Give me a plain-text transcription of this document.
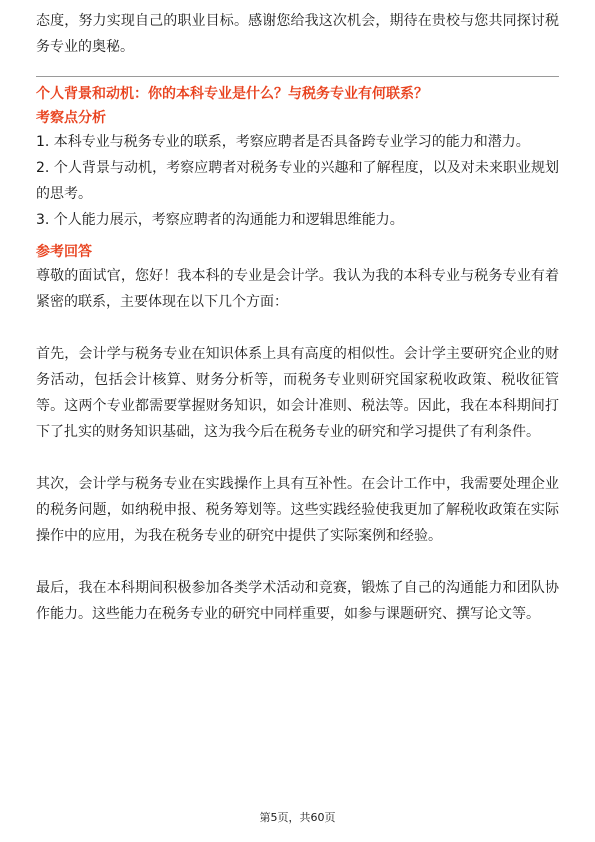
态度，努力实现自己的职业目标。感谢您给我这次机会，期待在贵校与您共同探讨税务专业的奥秘。

个人背景和动机：你的本科专业是什么？与税务专业有何联系？
考察点分析

1. 本科专业与税务专业的联系，考察应聘者是否具备跨专业学习的能力和潜力。

2. 个人背景与动机，考察应聘者对税务专业的兴趣和了解程度，以及对未来职业规划的思考。

3. 个人能力展示，考察应聘者的沟通能力和逻辑思维能力。

参考回答

尊敬的面试官，您好！我本科的专业是会计学。我认为我的本科专业与税务专业有着紧密的联系，主要体现在以下几个方面：

首先，会计学与税务专业在知识体系上具有高度的相似性。会计学主要研究企业的财务活动，包括会计核算、财务分析等，而税务专业则研究国家税收政策、税收征管等。这两个专业都需要掌握财务知识，如会计准则、税法等。因此，我在本科期间打下了扎实的财务知识基础，这为我今后在税务专业的研究和学习提供了有利条件。

其次，会计学与税务专业在实践操作上具有互补性。在会计工作中，我需要处理企业的税务问题，如纳税申报、税务筹划等。这些实践经验使我更加了解税收政策在实际操作中的应用，为我在税务专业的研究中提供了实际案例和经验。

最后，我在本科期间积极参加各类学术活动和竞赛，锻炼了自己的沟通能力和团队协作能力。这些能力在税务专业的研究中同样重要，如参与课题研究、撰写论文等。

第5页，共60页
